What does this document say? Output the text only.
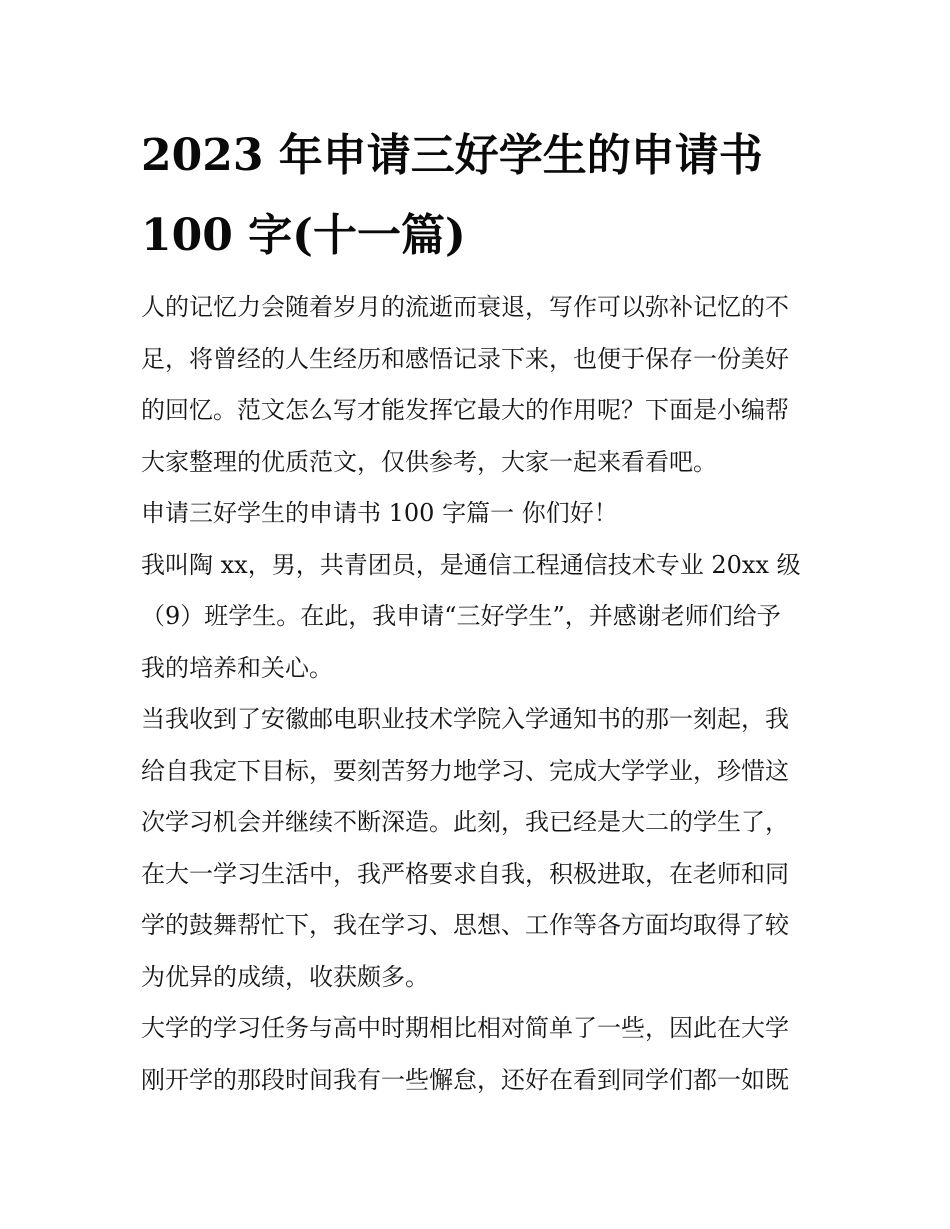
2023 年申请三好学生的申请书
100 字(十一篇)

人的记忆力会随着岁月的流逝而衰退，写作可以弥补记忆的不
足，将曾经的人生经历和感悟记录下来，也便于保存一份美好
的回忆。范文怎么写才能发挥它最大的作用呢？下面是小编帮
大家整理的优质范文，仅供参考，大家一起来看看吧。

申请三好学生的申请书 100 字篇一 你们好！

我叫陶 xx，男，共青团员，是通信工程通信技术专业 20xx 级
（9）班学生。在此，我申请“三好学生”，并感谢老师们给予
我的培养和关心。

当我收到了安徽邮电职业技术学院入学通知书的那一刻起，我
给自我定下目标，要刻苦努力地学习、完成大学学业，珍惜这
次学习机会并继续不断深造。此刻，我已经是大二的学生了，
在大一学习生活中，我严格要求自我，积极进取，在老师和同
学的鼓舞帮忙下，我在学习、思想、工作等各方面均取得了较
为优异的成绩，收获颇多。

大学的学习任务与高中时期相比相对简单了一些，因此在大学
刚开学的那段时间我有一些懈怠，还好在看到同学们都一如既
